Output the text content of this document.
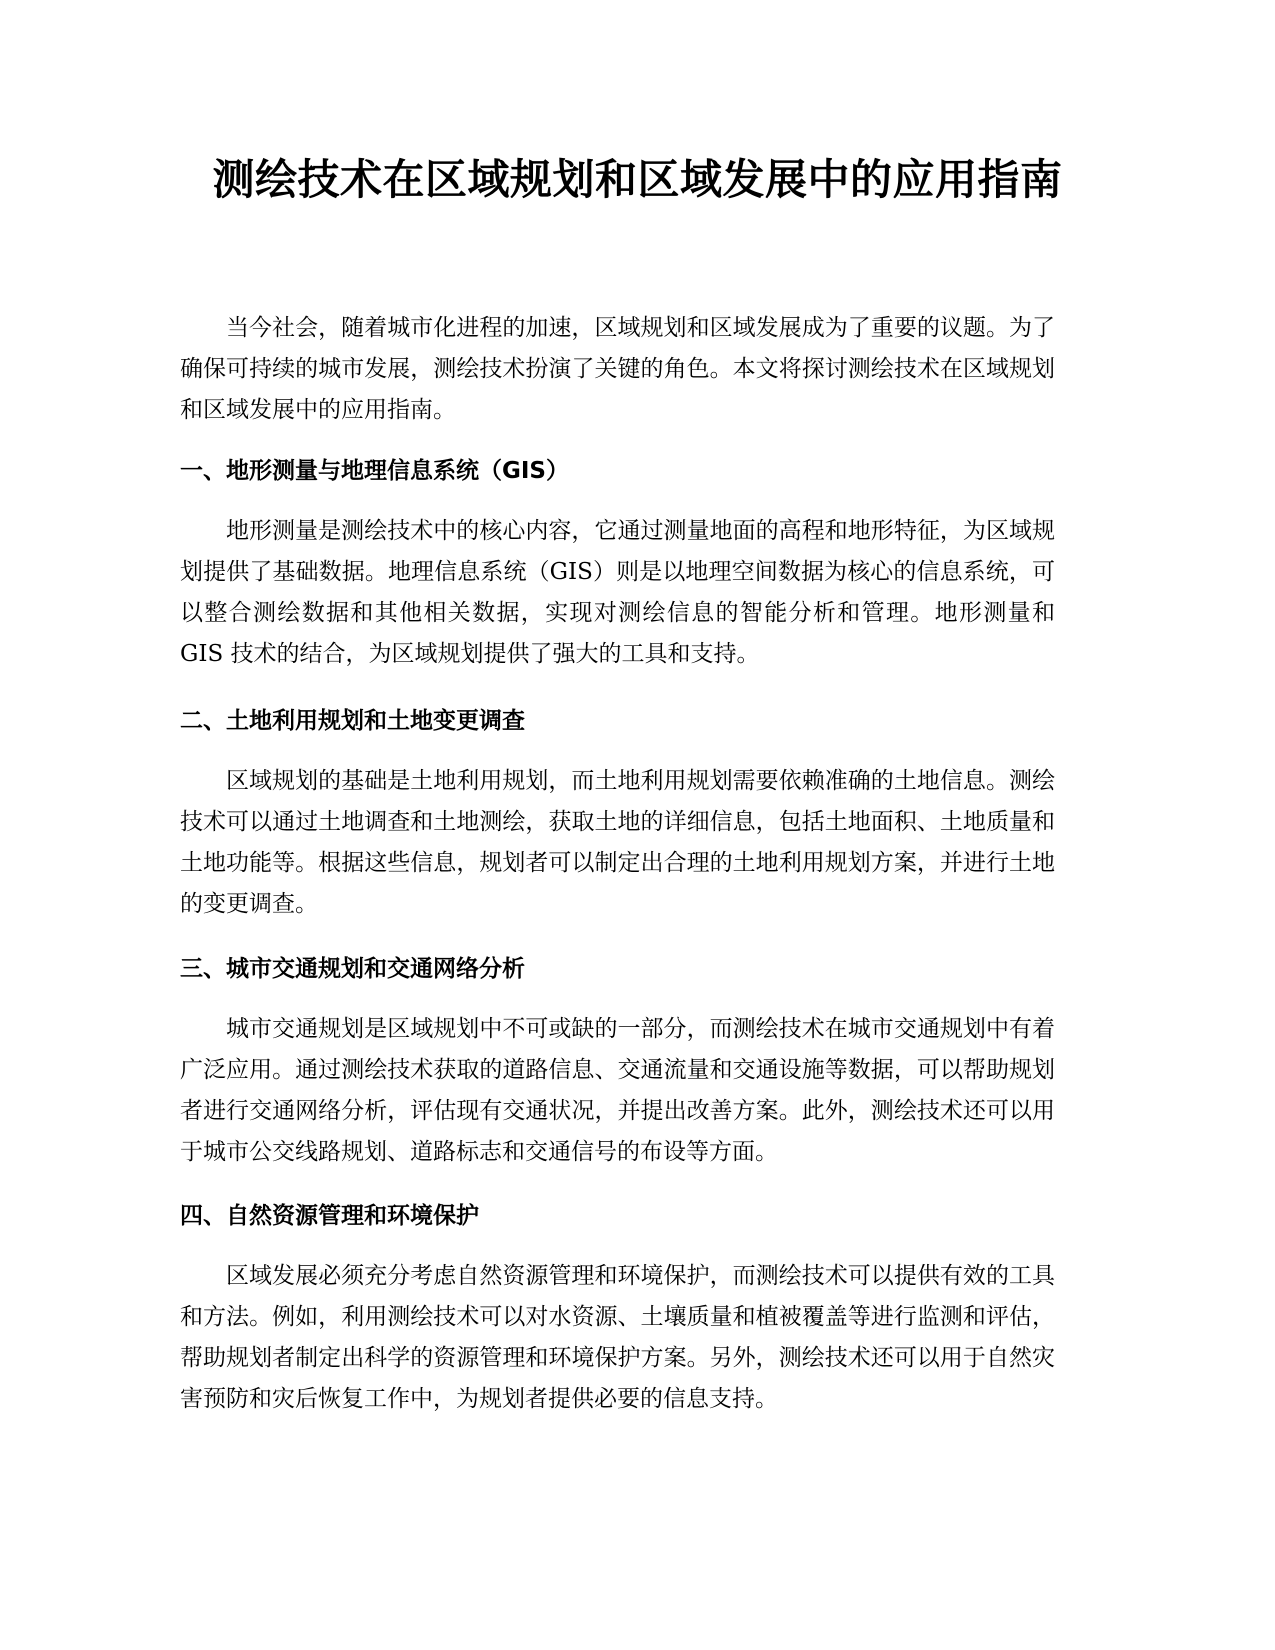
测绘技术在区域规划和区域发展中的应用指南

当今社会，随着城市化进程的加速，区域规划和区域发展成为了重要的议题。为了确保可持续的城市发展，测绘技术扮演了关键的角色。本文将探讨测绘技术在区域规划和区域发展中的应用指南。

一、地形测量与地理信息系统（GIS）

地形测量是测绘技术中的核心内容，它通过测量地面的高程和地形特征，为区域规划提供了基础数据。地理信息系统（GIS）则是以地理空间数据为核心的信息系统，可以整合测绘数据和其他相关数据，实现对测绘信息的智能分析和管理。地形测量和 GIS 技术的结合，为区域规划提供了强大的工具和支持。

二、土地利用规划和土地变更调查

区域规划的基础是土地利用规划，而土地利用规划需要依赖准确的土地信息。测绘技术可以通过土地调查和土地测绘，获取土地的详细信息，包括土地面积、土地质量和土地功能等。根据这些信息，规划者可以制定出合理的土地利用规划方案，并进行土地的变更调查。

三、城市交通规划和交通网络分析

城市交通规划是区域规划中不可或缺的一部分，而测绘技术在城市交通规划中有着广泛应用。通过测绘技术获取的道路信息、交通流量和交通设施等数据，可以帮助规划者进行交通网络分析，评估现有交通状况，并提出改善方案。此外，测绘技术还可以用于城市公交线路规划、道路标志和交通信号的布设等方面。

四、自然资源管理和环境保护

区域发展必须充分考虑自然资源管理和环境保护，而测绘技术可以提供有效的工具和方法。例如，利用测绘技术可以对水资源、土壤质量和植被覆盖等进行监测和评估，帮助规划者制定出科学的资源管理和环境保护方案。另外，测绘技术还可以用于自然灾害预防和灾后恢复工作中，为规划者提供必要的信息支持。
